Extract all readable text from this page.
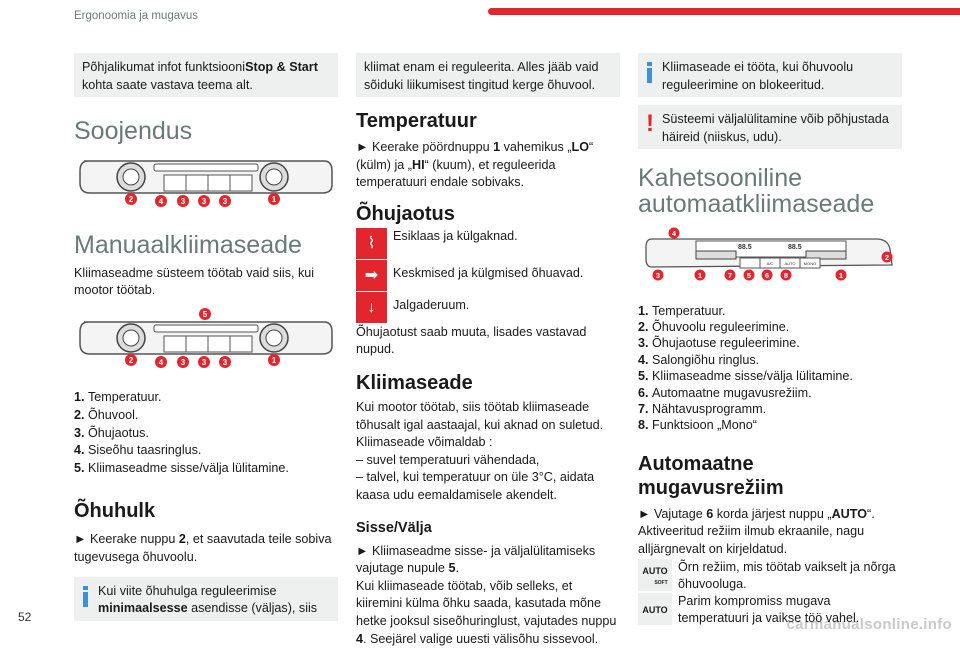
Ergonoomia ja mugavus
52	carmanualsonline.info
Põhjalikumat infot funktsiooniStop & Start kohta saate vastava teema alt.
Soojendus
2	4 3 3 3	1
Manuaalkliimaseade

Kliimaseadme süsteem töötab vaid siis, kui mootor töötab.

2	4 3 3 3	1
5
1. Temperatuur.
2. Õhuvool.
3. Õhujaotus.
4. Siseõhu taasringlus.
5. Kliimaseadme sisse/välja lülitamine.
Õhuhulk

► Keerake nuppu 2, et saavutada teile sobiva tugevusega õhuvoolu.

Kui viite õhuhulga reguleerimise minimaalsesse asendisse (väljas), siis

kliimat enam ei reguleerita. Alles jääb vaid sõiduki liikumisest tingitud kerge õhuvool.
Temperatuur

► Keerake pöördnuppu 1 vahemikus „LO“ (külm) ja „HI“ (kuum), et reguleerida temperatuuri endale sobivaks.

Õhujaotus
⌇	Esiklaas ja külgaknad.
➡	Keskmised ja külgmised õhuavad.
↓	Jalgaderuum.

Õhujaotust saab muuta, lisades vastavad nupud.

Kliimaseade

Kui mootor töötab, siis töötab kliimaseade tõhusalt igal aastaajal, kui aknad on suletud.

Kliimaseade võimaldab :

– suvel temperatuuri vähendada,

– talvel, kui temperatuur on üle 3°C, aidata kaasa udu eemaldamisele akendelt.

Sisse/Välja

► Kliimaseadme sisse- ja väljalülitamiseks vajutage nupule 5.

Kui kliimaseade töötab, võib selleks, et kiiremini külma õhku saada, kasutada mõne hetke jooksul siseõhuringlust, vajutades nuppu 4. Seejärel valige uuesti välisõhu sissevool.

Kliimaseade ei tööta, kui õhuvoolu reguleerimine on blokeeritud.

! Süsteemi väljalülitamine võib põhjustada häireid (niiskus, udu).

Kahetsooniline automaatkliimaseade
88.5	88.5
A/C	AUTO MONO
4
2
3	1	7 5 6 8	1
1. Temperatuur.
2. Õhuvoolu reguleerimine.
3. Õhujaotuse reguleerimine.
4. Salongiõhu ringlus.
5. Kliimaseadme sisse/välja lülitamine.
6. Automaatne mugavusrežiim.
7. Nähtavusprogramm.
8. Funktsioon „Mono“
Automaatne mugavusrežiim

► Vajutage 6 korda järjest nuppu „AUTO“.

Aktiveeritud režiim ilmub ekraanile, nagu alljärgnevalt on kirjeldatud.

AUTO
SOFT
Õrn režiim, mis töötab vaikselt ja nõrga õhuvooluga.
AUTO
Parim kompromiss mugava temperatuuri ja vaikse töö vahel.
